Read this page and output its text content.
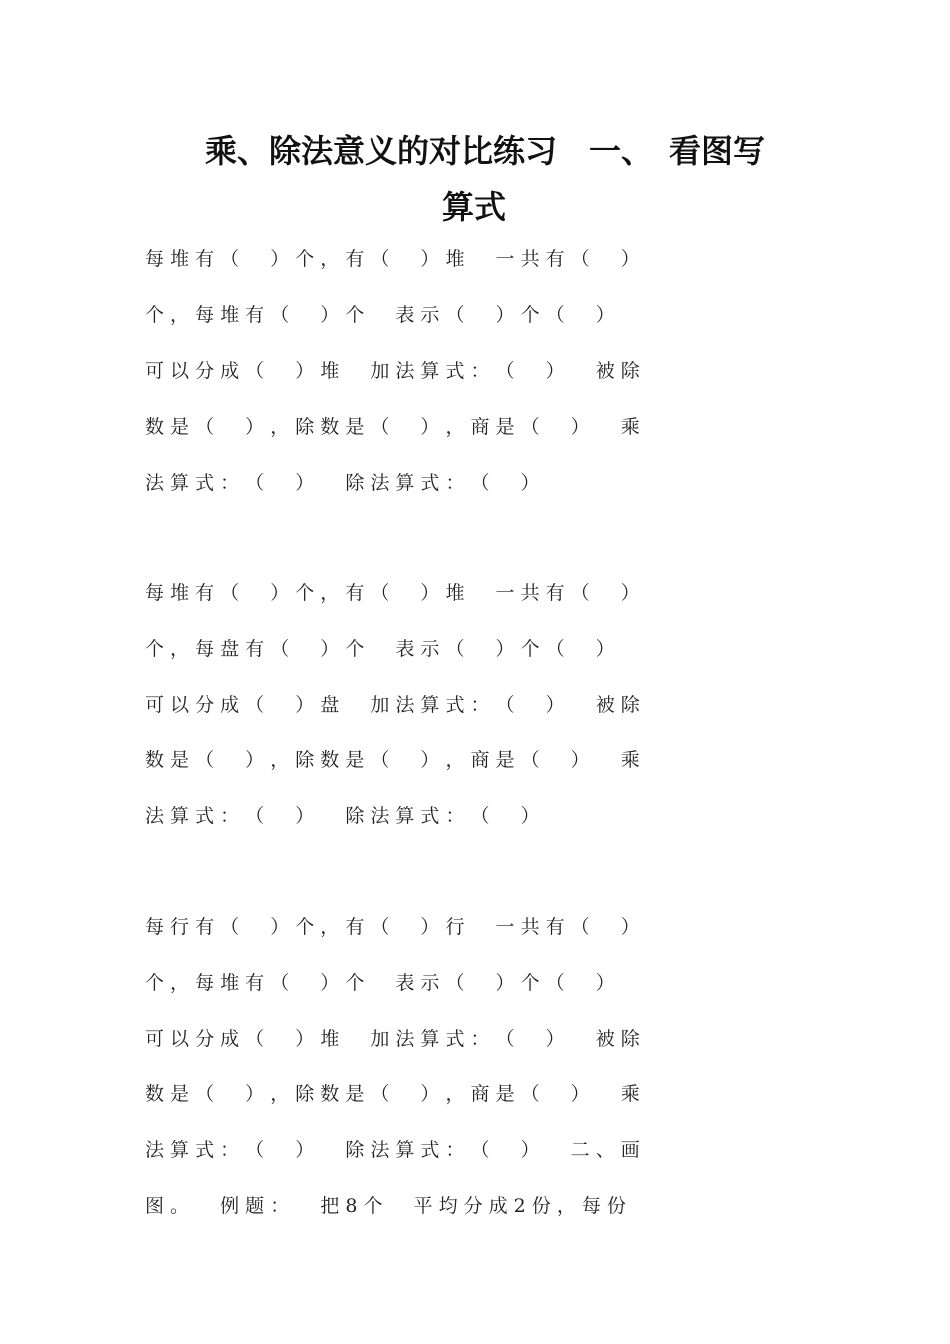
乘、除法意义的对比练习　一、　看图写
算式
每 堆 有 （ 　 ） 个 ， 有 （ 　 ） 堆 　 一 共 有 （ 　 ）
个 ， 每 堆 有 （ 　 ） 个 　 表 示 （ 　 ） 个 （ 　 ）
可 以 分 成 （ 　 ） 堆 　 加 法 算 式 ： （ 　 ） 　 被 除
数 是 （ 　 ） ， 除 数 是 （ 　 ） ， 商 是 （ 　 ） 　 乘
法 算 式 ： （ 　 ） 　 除 法 算 式 ： （ 　 ）
每 堆 有 （ 　 ） 个 ， 有 （ 　 ） 堆 　 一 共 有 （ 　 ）
个 ， 每 盘 有 （ 　 ） 个 　 表 示 （ 　 ） 个 （ 　 ）
可 以 分 成 （ 　 ） 盘 　 加 法 算 式 ： （ 　 ） 　 被 除
数 是 （ 　 ） ， 除 数 是 （ 　 ） ， 商 是 （ 　 ） 　 乘
法 算 式 ： （ 　 ） 　 除 法 算 式 ： （ 　 ）
每 行 有 （ 　 ） 个 ， 有 （ 　 ） 行 　 一 共 有 （ 　 ）
个 ， 每 堆 有 （ 　 ） 个 　 表 示 （ 　 ） 个 （ 　 ）
可 以 分 成 （ 　 ） 堆 　 加 法 算 式 ： （ 　 ） 　 被 除
数 是 （ 　 ） ， 除 数 是 （ 　 ） ， 商 是 （ 　 ） 　 乘
法 算 式 ： （ 　 ） 　 除 法 算 式 ： （ 　 ） 　 二 、 画
图 。 　 例 题 ： 　 把 8 个 　 平 均 分 成 2 份 ， 每 份
